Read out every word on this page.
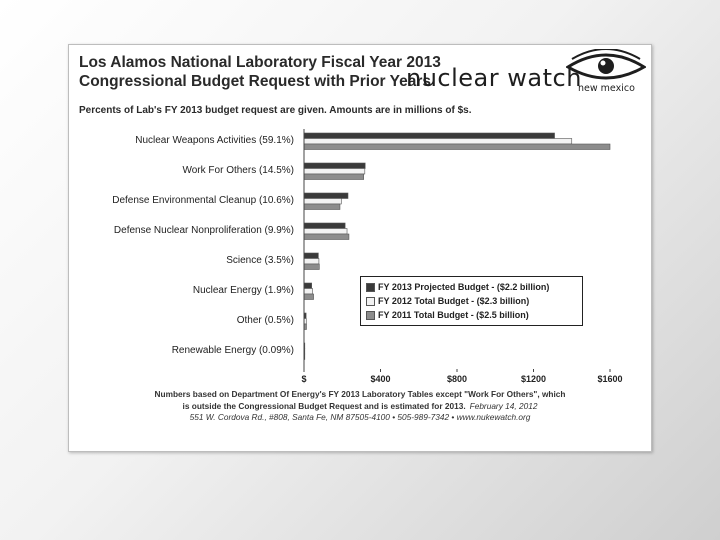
Los Alamos National Laboratory Fiscal Year 2013
Congressional Budget Request with Prior Years
nuclear watch
new mexico

Percents of Lab's FY 2013 budget request are given. Amounts are in millions of $s.

Nuclear Weapons Activities (59.1%)
Work For Others (14.5%)
Defense Environmental Cleanup (10.6%)
Defense Nuclear Nonproliferation (9.9%)
Science (3.5%)
Nuclear Energy (1.9%)
Other (0.5%)
Renewable Energy (0.09%)
$	$400	$800	$1200	$1600
FY 2013 Projected Budget - ($2.2 billion)
FY 2012 Total Budget - ($2.3 billion)
FY 2011 Total Budget - ($2.5 billion)
Numbers based on Department Of Energy's FY 2013 Laboratory Tables except "Work For Others", which
is outside the Congressional Budget Request and is estimated for 2013. February 14, 2012
551 W. Cordova Rd., #808, Santa Fe, NM 87505-4100 • 505-989-7342 • www.nukewatch.org
